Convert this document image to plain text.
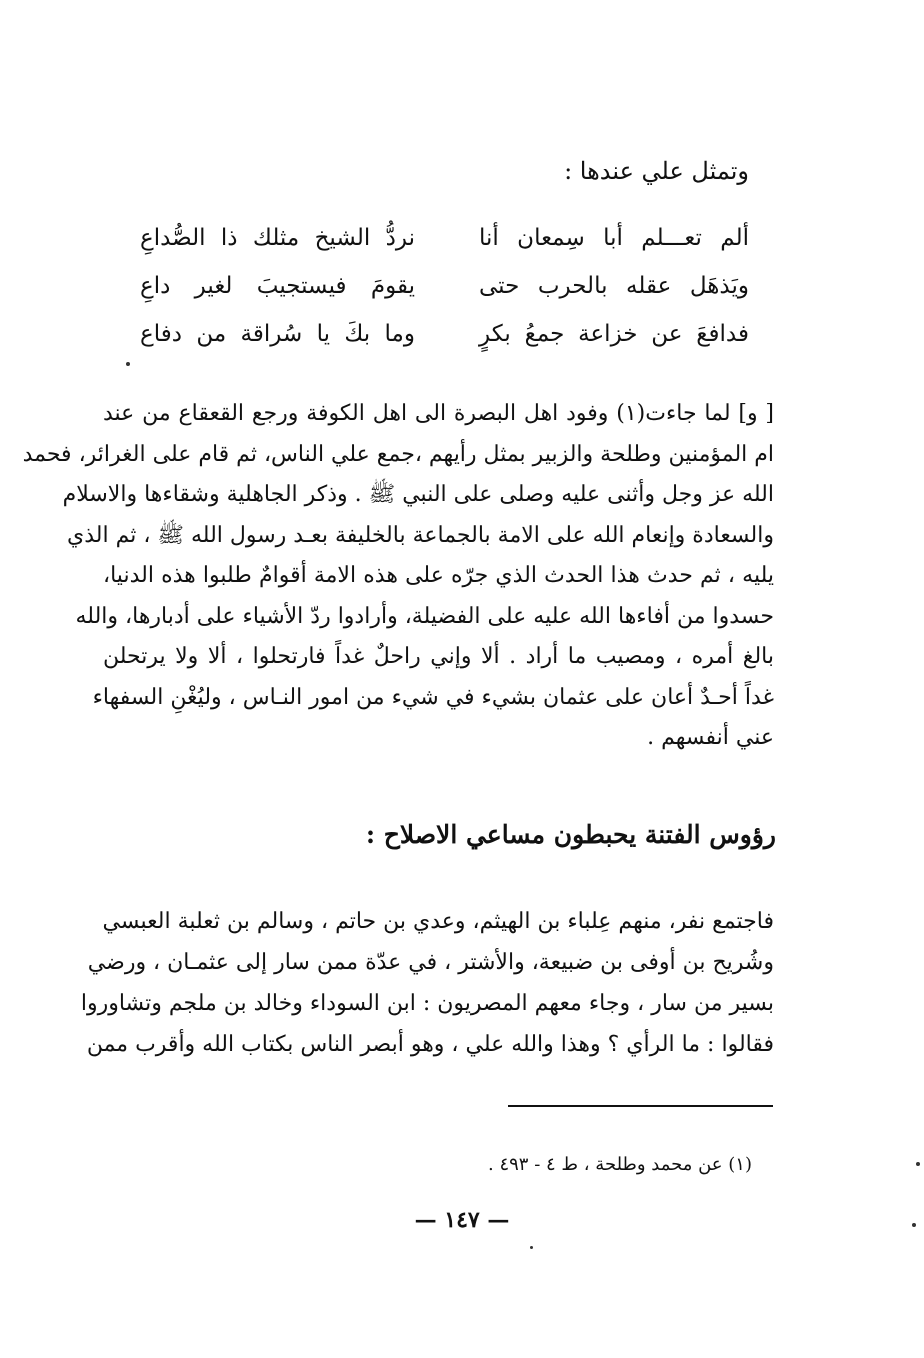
وتمثل علي عندها :
ألم تعـــلم أبا سِمعان أنا
نردُّ الشيخ مثلك ذا الصُّداعِ
ويَذهَل عقله بالحرب حتى
يقومَ فيستجيبَ لغير داعِ
فدافعَ عن خزاعة جمعُ بكرٍ
وما بكَ يا سُراقة من دفاع
[ و] لما جاءت(١) وفود اهل البصرة الى اهل الكوفة ورجع القعقاع من عند
ام المؤمنين وطلحة والزبير بمثل رأيهم ،جمع علي الناس، ثم قام على الغرائر، فحمد
الله عز وجل وأثنى عليه وصلى على النبي ﷺ . وذكر الجاهلية وشقاءها والاسلام
والسعادة وإنعام الله على الامة بالجماعة بالخليفة بعـد رسول الله ﷺ ، ثم الذي
يليه ، ثم حدث هذا الحدث الذي جرّه على هذه الامة أقوامٌ طلبوا هذه الدنيا،
حسدوا من أفاءها الله عليه على الفضيلة، وأرادوا ردّ الأشياء على أدبارها، والله
بالغ أمره ، ومصيب ما أراد . ألا وإني راحلٌ غداً فارتحلوا ، ألا ولا يرتحلن
غداً أحـدٌ أعان على عثمان بشيء في شيء من امور النـاس ، وليُغْنِ السفهاء
عني أنفسهم .
رؤوس الفتنة يحبطون مساعي الاصلاح :
فاجتمع نفر، منهم عِلباء بن الهيثم، وعدي بن حاتم ، وسالم بن ثعلبة العبسي
وشُريح بن أوفى بن ضبيعة، والأشتر ، في عدّة ممن سار إلى عثمـان ، ورضي
بسير من سار ، وجاء معهم المصريون : ابن السوداء وخالد بن ملجم وتشاوروا
فقالوا : ما الرأي ؟ وهذا والله علي ، وهو أبصر الناس بكتاب الله وأقرب ممن
(١) عن محمد وطلحة ، ط ٤ - ٤٩٣ .
— ١٤٧ —
